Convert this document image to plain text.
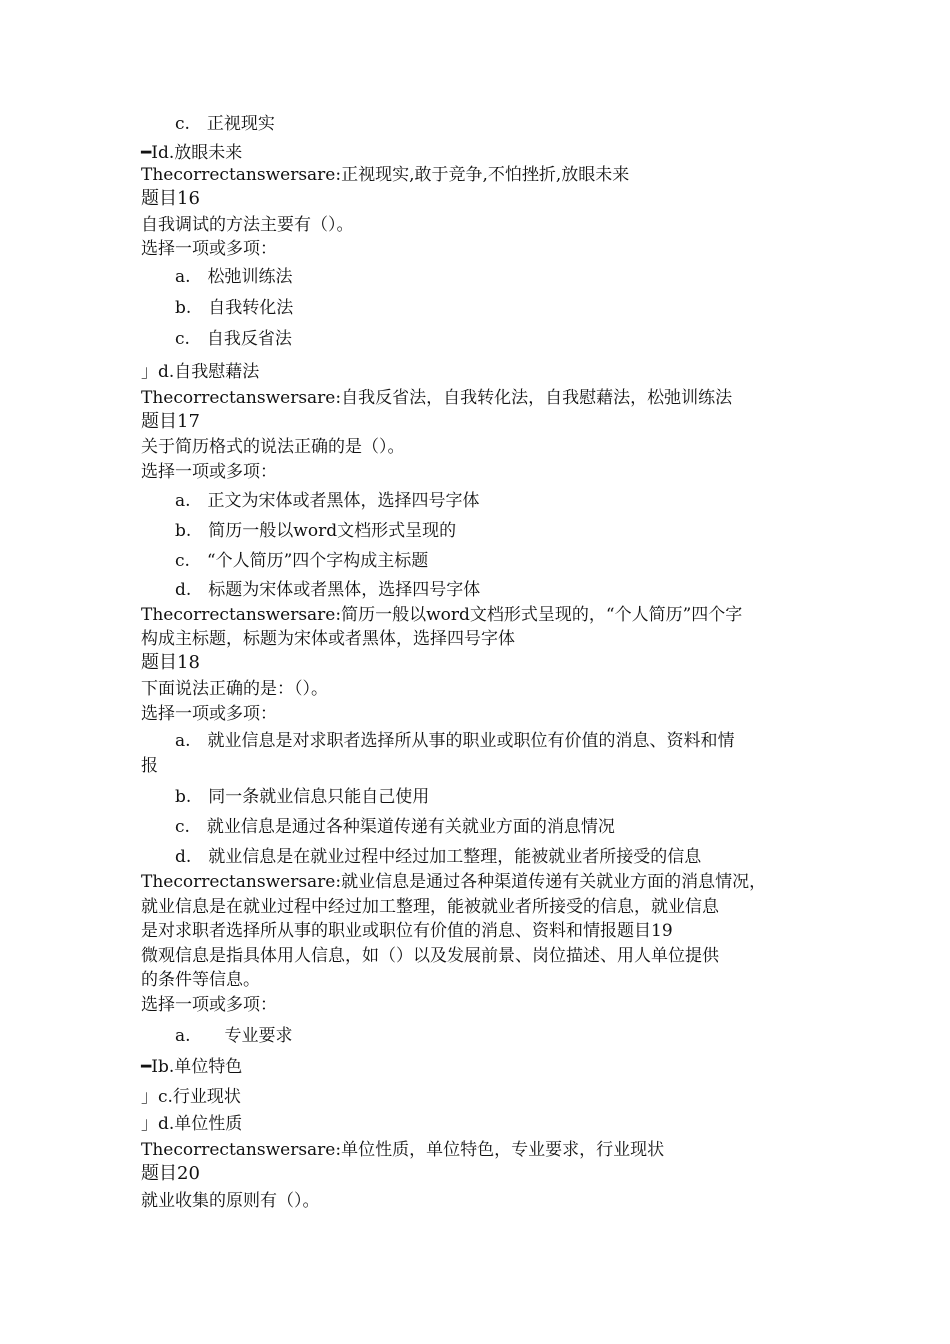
c.　正视现实
━Ⅰd.放眼未来
Thecorrectanswersare:正视现实,敢于竞争,不怕挫折,放眼未来
题目16
自我调试的方法主要有（）。
选择一项或多项：
a.　松弛训练法
b.　自我转化法
c.　自我反省法
」d.自我慰藉法
Thecorrectanswersare:自我反省法，自我转化法，自我慰藉法，松弛训练法
题目17
关于简历格式的说法正确的是（）。
选择一项或多项：
a.　正文为宋体或者黑体，选择四号字体
b.　简历一般以word文档形式呈现的
c.　“个人简历”四个字构成主标题
d.　标题为宋体或者黑体，选择四号字体
Thecorrectanswersare:简历一般以word文档形式呈现的，“个人简历”四个字
构成主标题，标题为宋体或者黑体，选择四号字体
题目18
下面说法正确的是：（）。
选择一项或多项：
a.　就业信息是对求职者选择所从事的职业或职位有价值的消息、资料和情
报
b.　同一条就业信息只能自己使用
c.　就业信息是通过各种渠道传递有关就业方面的消息情况
d.　就业信息是在就业过程中经过加工整理，能被就业者所接受的信息
Thecorrectanswersare:就业信息是通过各种渠道传递有关就业方面的消息情况，
就业信息是在就业过程中经过加工整理，能被就业者所接受的信息，就业信息
是对求职者选择所从事的职业或职位有价值的消息、资料和情报题目19
微观信息是指具体用人信息，如（）以及发展前景、岗位描述、用人单位提供
的条件等信息。
选择一项或多项：
a.　　专业要求
━Ⅰb.单位特色
」c.行业现状
」d.单位性质
Thecorrectanswersare:单位性质，单位特色，专业要求，行业现状
题目20
就业收集的原则有（）。
